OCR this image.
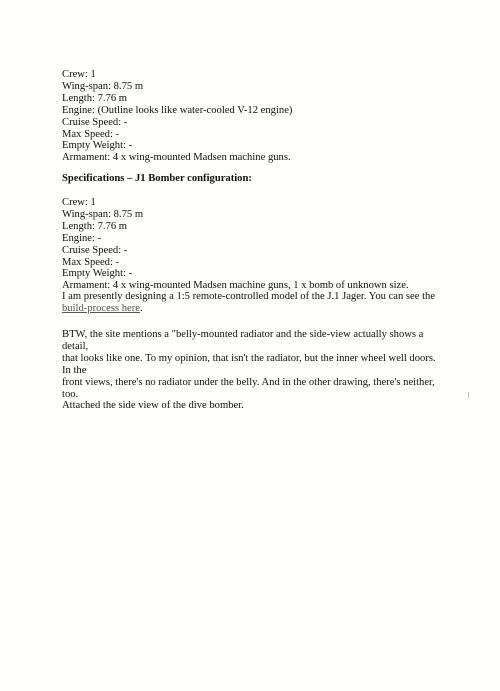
Crew: 1
Wing-span: 8.75 m
Length: 7.76 m
Engine: (Outline looks like water-cooled V-12 engine)
Cruise Speed: -
Max Speed: -
Empty Weight: -
Armament: 4 x wing-mounted Madsen machine guns.
Specifications – J1 Bomber configuration:
Crew: 1
Wing-span: 8.75 m
Length: 7.76 m
Engine: -
Cruise Speed: -
Max Speed: -
Empty Weight: -
Armament: 4 x wing-mounted Madsen machine guns, 1 x bomb of unknown size.
I am presently designing a 1:5 remote-controlled model of the J.1 Jager. You can see the
build-process here.
BTW, the site mentions a "belly-mounted radiator and the side-view actually shows a
detail,
that looks like one. To my opinion, that isn't the radiator, but the inner wheel well doors.
In the
front views, there's no radiator under the belly. And in the other drawing, there's neither,
too.
Attached the side view of the dive bomber.
